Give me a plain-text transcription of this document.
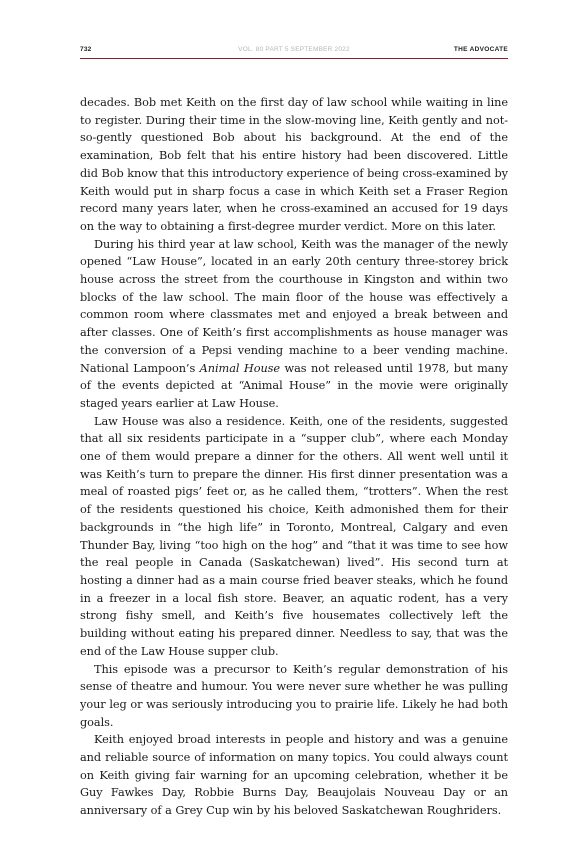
732	VOL. 80 PART 5 SEPTEMBER 2022	THE ADVOCATE

decades. Bob met Keith on the first day of law school while waiting in line to register. During their time in the slow-moving line, Keith gently and not-so-gently questioned Bob about his background. At the end of the examination, Bob felt that his entire history had been discovered. Little did Bob know that this introductory experience of being cross-examined by Keith would put in sharp focus a case in which Keith set a Fraser Region record many years later, when he cross-examined an accused for 19 days on the way to obtaining a first-degree murder verdict. More on this later.

During his third year at law school, Keith was the manager of the newly opened “Law House”, located in an early 20th century three-storey brick house across the street from the courthouse in Kingston and within two blocks of the law school. The main floor of the house was effectively a common room where classmates met and enjoyed a break between and after classes. One of Keith’s first accomplishments as house manager was the conversion of a Pepsi vending machine to a beer vending machine. National Lampoon’s Animal House was not released until 1978, but many of the events depicted at “Animal House” in the movie were originally staged years earlier at Law House.

Law House was also a residence. Keith, one of the residents, suggested that all six residents participate in a “supper club”, where each Monday one of them would prepare a dinner for the others. All went well until it was Keith’s turn to prepare the dinner. His first dinner presentation was a meal of roasted pigs’ feet or, as he called them, “trotters”. When the rest of the residents questioned his choice, Keith admonished them for their backgrounds in “the high life” in Toronto, Montreal, Calgary and even Thunder Bay, living “too high on the hog” and “that it was time to see how the real people in Canada (Saskatchewan) lived”. His second turn at hosting a dinner had as a main course fried beaver steaks, which he found in a freezer in a local fish store. Beaver, an aquatic rodent, has a very strong fishy smell, and Keith’s five housemates collectively left the building without eating his prepared dinner. Needless to say, that was the end of the Law House supper club.

This episode was a precursor to Keith’s regular demonstration of his sense of theatre and humour. You were never sure whether he was pulling your leg or was seriously introducing you to prairie life. Likely he had both goals.

Keith enjoyed broad interests in people and history and was a genuine and reliable source of information on many topics. You could always count on Keith giving fair warning for an upcoming celebration, whether it be Guy Fawkes Day, Robbie Burns Day, Beaujolais Nouveau Day or an anniversary of a Grey Cup win by his beloved Saskatchewan Roughriders.
